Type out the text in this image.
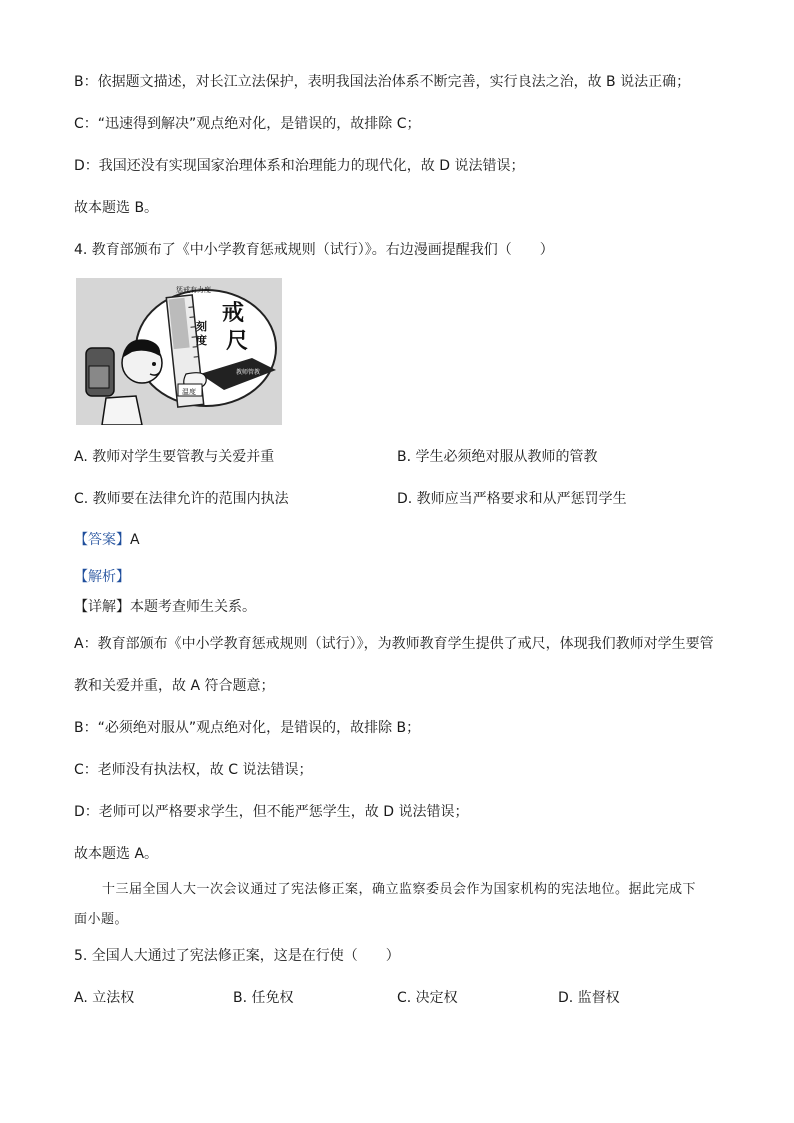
B：依据题文描述，对长江立法保护，表明我国法治体系不断完善，实行良法之治，故 B 说法正确；
C：“迅速得到解决”观点绝对化，是错误的，故排除 C；
D：我国还没有实现国家治理体系和治理能力的现代化，故 D 说法错误；
故本题选 B。
4. 教育部颁布了《中小学教育惩戒规则（试行）》。右边漫画提醒我们（　　）
惩戒有力度
刻
度
戒
尺
教师管教
温度
A. 教师对学生要管教与关爱并重	B. 学生必须绝对服从教师的管教
C. 教师要在法律允许的范围内执法	D. 教师应当严格要求和从严惩罚学生
【答案】A
【解析】
【详解】本题考查师生关系。
A：教育部颁布《中小学教育惩戒规则（试行）》，为教师教育学生提供了戒尺，体现我们教师对学生要管
教和关爱并重，故 A 符合题意；
B：“必须绝对服从”观点绝对化，是错误的，故排除 B；
C：老师没有执法权，故 C 说法错误；
D：老师可以严格要求学生，但不能严惩学生，故 D 说法错误；
故本题选 A。
十三届全国人大一次会议通过了宪法修正案，确立监察委员会作为国家机构的宪法地位。据此完成下
面小题。
5. 全国人大通过了宪法修正案，这是在行使（　　）
A. 立法权	B. 任免权	C. 决定权	D. 监督权
